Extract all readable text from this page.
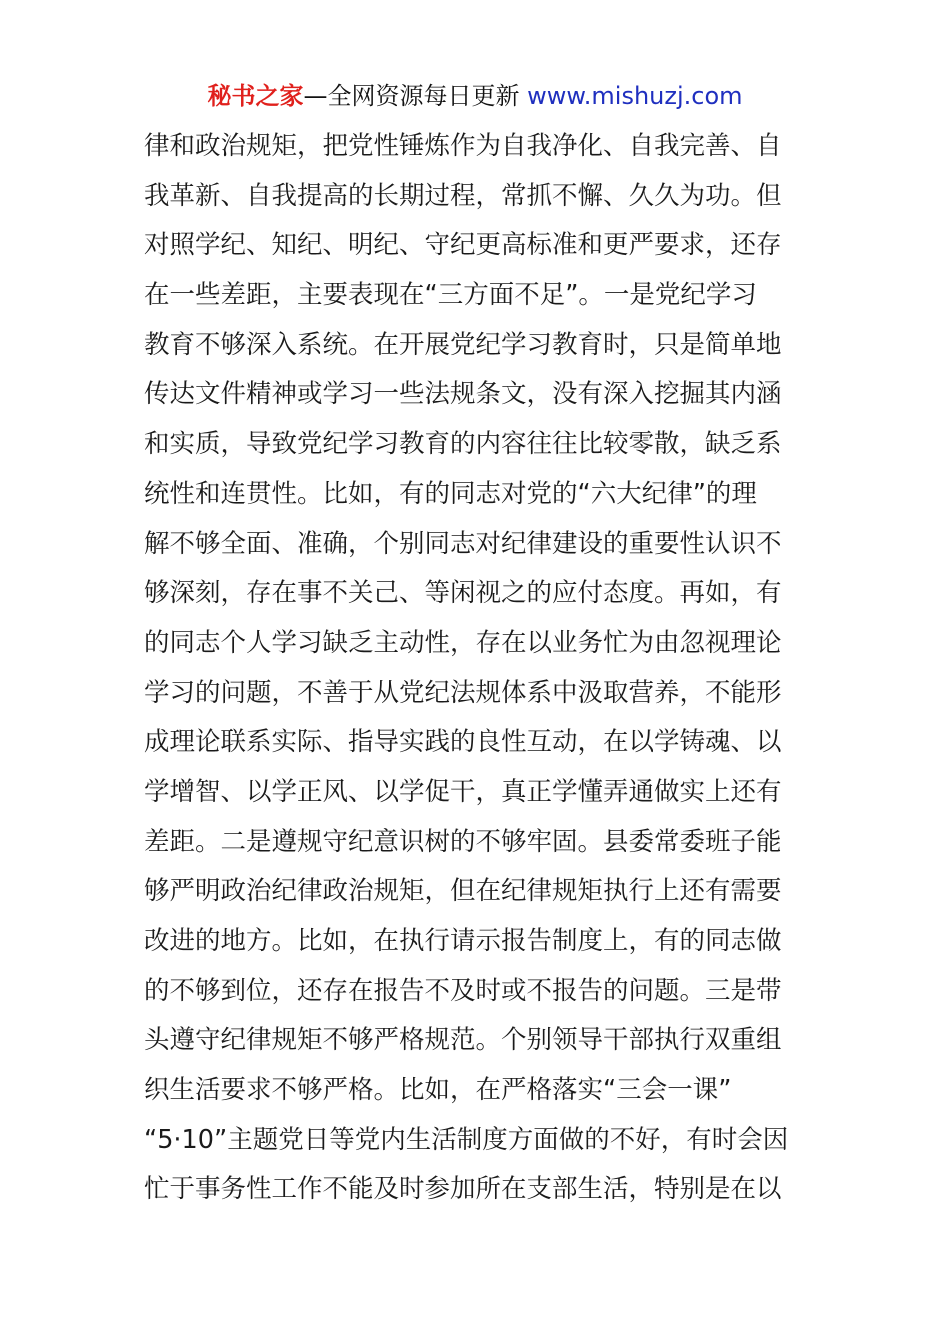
秘书之家—全网资源每日更新 www.mishuzj.com
律和政治规矩，把党性锤炼作为自我净化、自我完善、自
我革新、自我提高的长期过程，常抓不懈、久久为功。但
对照学纪、知纪、明纪、守纪更高标准和更严要求，还存
在一些差距，主要表现在“三方面不足”。一是党纪学习
教育不够深入系统。在开展党纪学习教育时，只是简单地
传达文件精神或学习一些法规条文，没有深入挖掘其内涵
和实质，导致党纪学习教育的内容往往比较零散，缺乏系
统性和连贯性。比如，有的同志对党的“六大纪律”的理
解不够全面、准确，个别同志对纪律建设的重要性认识不
够深刻，存在事不关己、等闲视之的应付态度。再如，有
的同志个人学习缺乏主动性，存在以业务忙为由忽视理论
学习的问题，不善于从党纪法规体系中汲取营养，不能形
成理论联系实际、指导实践的良性互动，在以学铸魂、以
学增智、以学正风、以学促干，真正学懂弄通做实上还有
差距。二是遵规守纪意识树的不够牢固。县委常委班子能
够严明政治纪律政治规矩，但在纪律规矩执行上还有需要
改进的地方。比如，在执行请示报告制度上，有的同志做
的不够到位，还存在报告不及时或不报告的问题。三是带
头遵守纪律规矩不够严格规范。个别领导干部执行双重组
织生活要求不够严格。比如，在严格落实“三会一课”
“5·10”主题党日等党内生活制度方面做的不好，有时会因
忙于事务性工作不能及时参加所在支部生活，特别是在以
